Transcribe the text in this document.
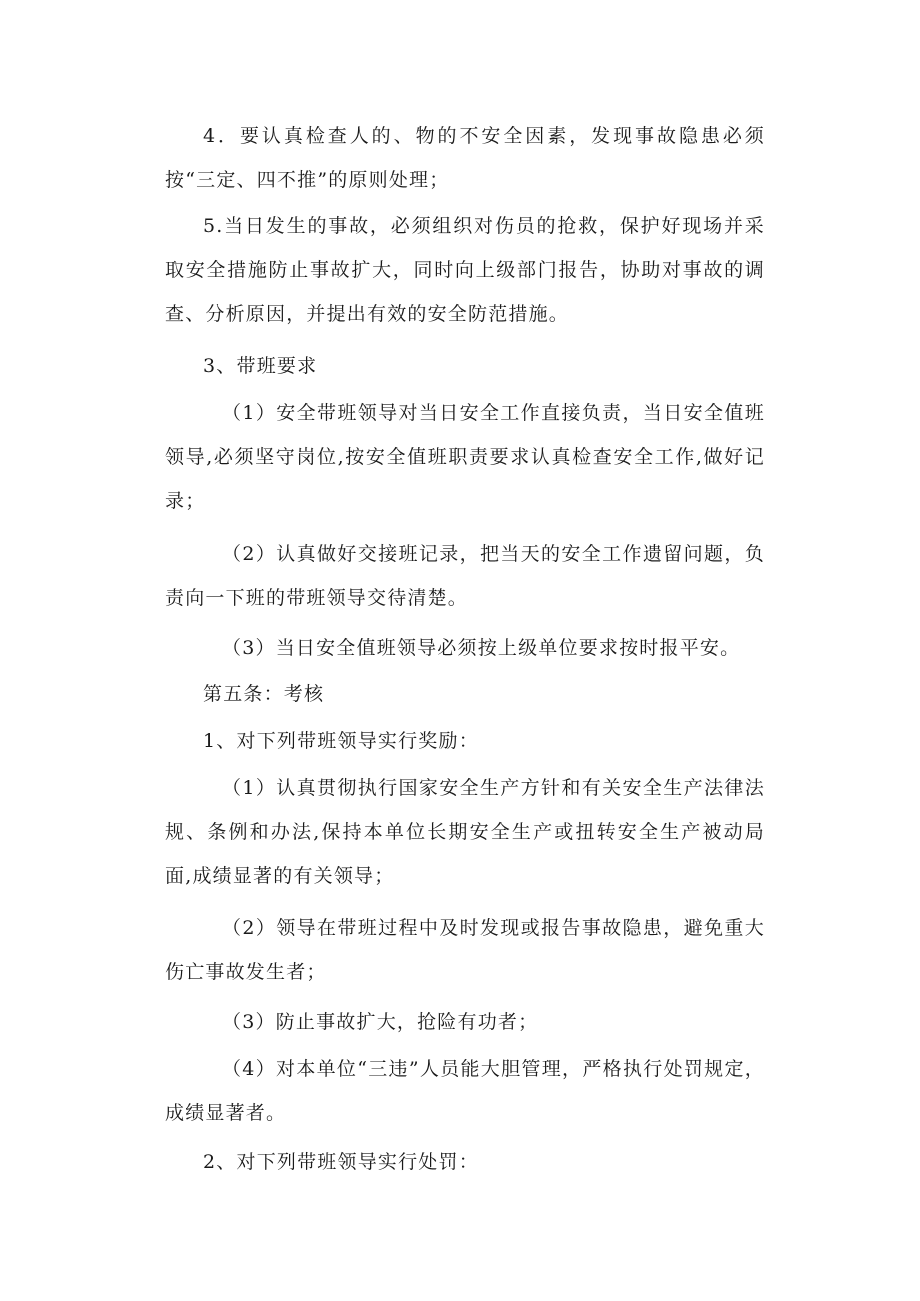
4．要认真检查人的、物的不安全因素，发现事故隐患必须按“三定、四不推”的原则处理；

5.当日发生的事故，必须组织对伤员的抢救，保护好现场并采取安全措施防止事故扩大，同时向上级部门报告，协助对事故的调查、分析原因，并提出有效的安全防范措施。

3、带班要求

（1）安全带班领导对当日安全工作直接负责，当日安全值班领导,必须坚守岗位,按安全值班职责要求认真检查安全工作,做好记录；

（2）认真做好交接班记录，把当天的安全工作遗留问题，负责向一下班的带班领导交待清楚。

（3）当日安全值班领导必须按上级单位要求按时报平安。

第五条：考核

1、对下列带班领导实行奖励：

（1）认真贯彻执行国家安全生产方针和有关安全生产法律法规、条例和办法,保持本单位长期安全生产或扭转安全生产被动局面,成绩显著的有关领导；

（2）领导在带班过程中及时发现或报告事故隐患，避免重大伤亡事故发生者；

（3）防止事故扩大，抢险有功者；

（4）对本单位“三违”人员能大胆管理，严格执行处罚规定，成绩显著者。

2、对下列带班领导实行处罚：
